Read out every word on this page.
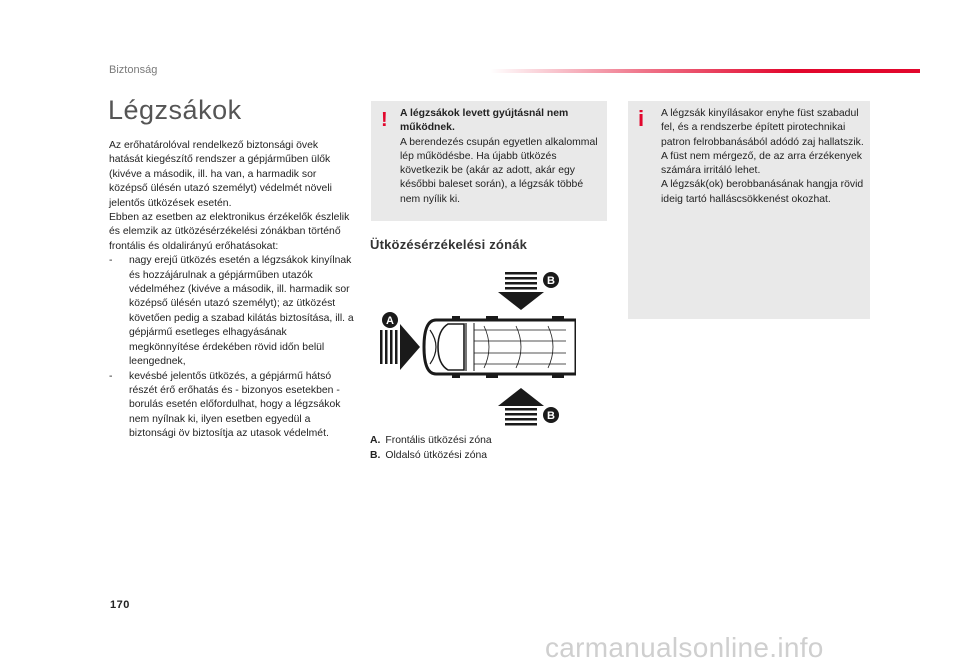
Biztonság
Légzsákok

Az erőhatárolóval rendelkező biztonsági övek hatását kiegészítő rendszer a gépjárműben ülők (kivéve a második, ill. ha van, a harmadik sor középső ülésén utazó személyt) védelmét növeli jelentős ütközések esetén.

Ebben az esetben az elektronikus érzékelők észlelik és elemzik az ütközésérzékelési zónákban történő frontális és oldalirányú erőhatásokat:

- nagy erejű ütközés esetén a légzsákok kinyílnak és hozzájárulnak a gépjárműben utazók védelméhez (kivéve a második, ill. harmadik sor középső ülésén utazó személyt); az ütközést követően pedig a szabad kilátás biztosítása, ill. a gépjármű esetleges elhagyásának megkönnyítése érdekében rövid időn belül leengednek,
- kevésbé jelentős ütközés, a gépjármű hátsó részét érő erőhatás és - bizonyos esetekben - borulás esetén előfordulhat, hogy a légzsákok nem nyílnak ki, ilyen esetben egyedül a biztonsági öv biztosítja az utasok védelmét.
! A légzsákok levett gyújtásnál nem működnek.
A berendezés csupán egyetlen alkalommal lép működésbe. Ha újabb ütközés következik be (akár az adott, akár egy későbbi baleset során), a légzsák többé nem nyílik ki.
i A légzsák kinyílásakor enyhe füst szabadul fel, és a rendszerbe épített pirotechnikai patron felrobbanásából adódó zaj hallatszik.
A füst nem mérgező, de az arra érzékenyek számára irritáló lehet.
A légzsák(ok) berobbanásának hangja rövid ideig tartó halláscsökkenést okozhat.
Ütközésérzékelési zónák
A
B
B
A. Frontális ütközési zóna
B. Oldalsó ütközési zóna
170
carmanualsonline.info
